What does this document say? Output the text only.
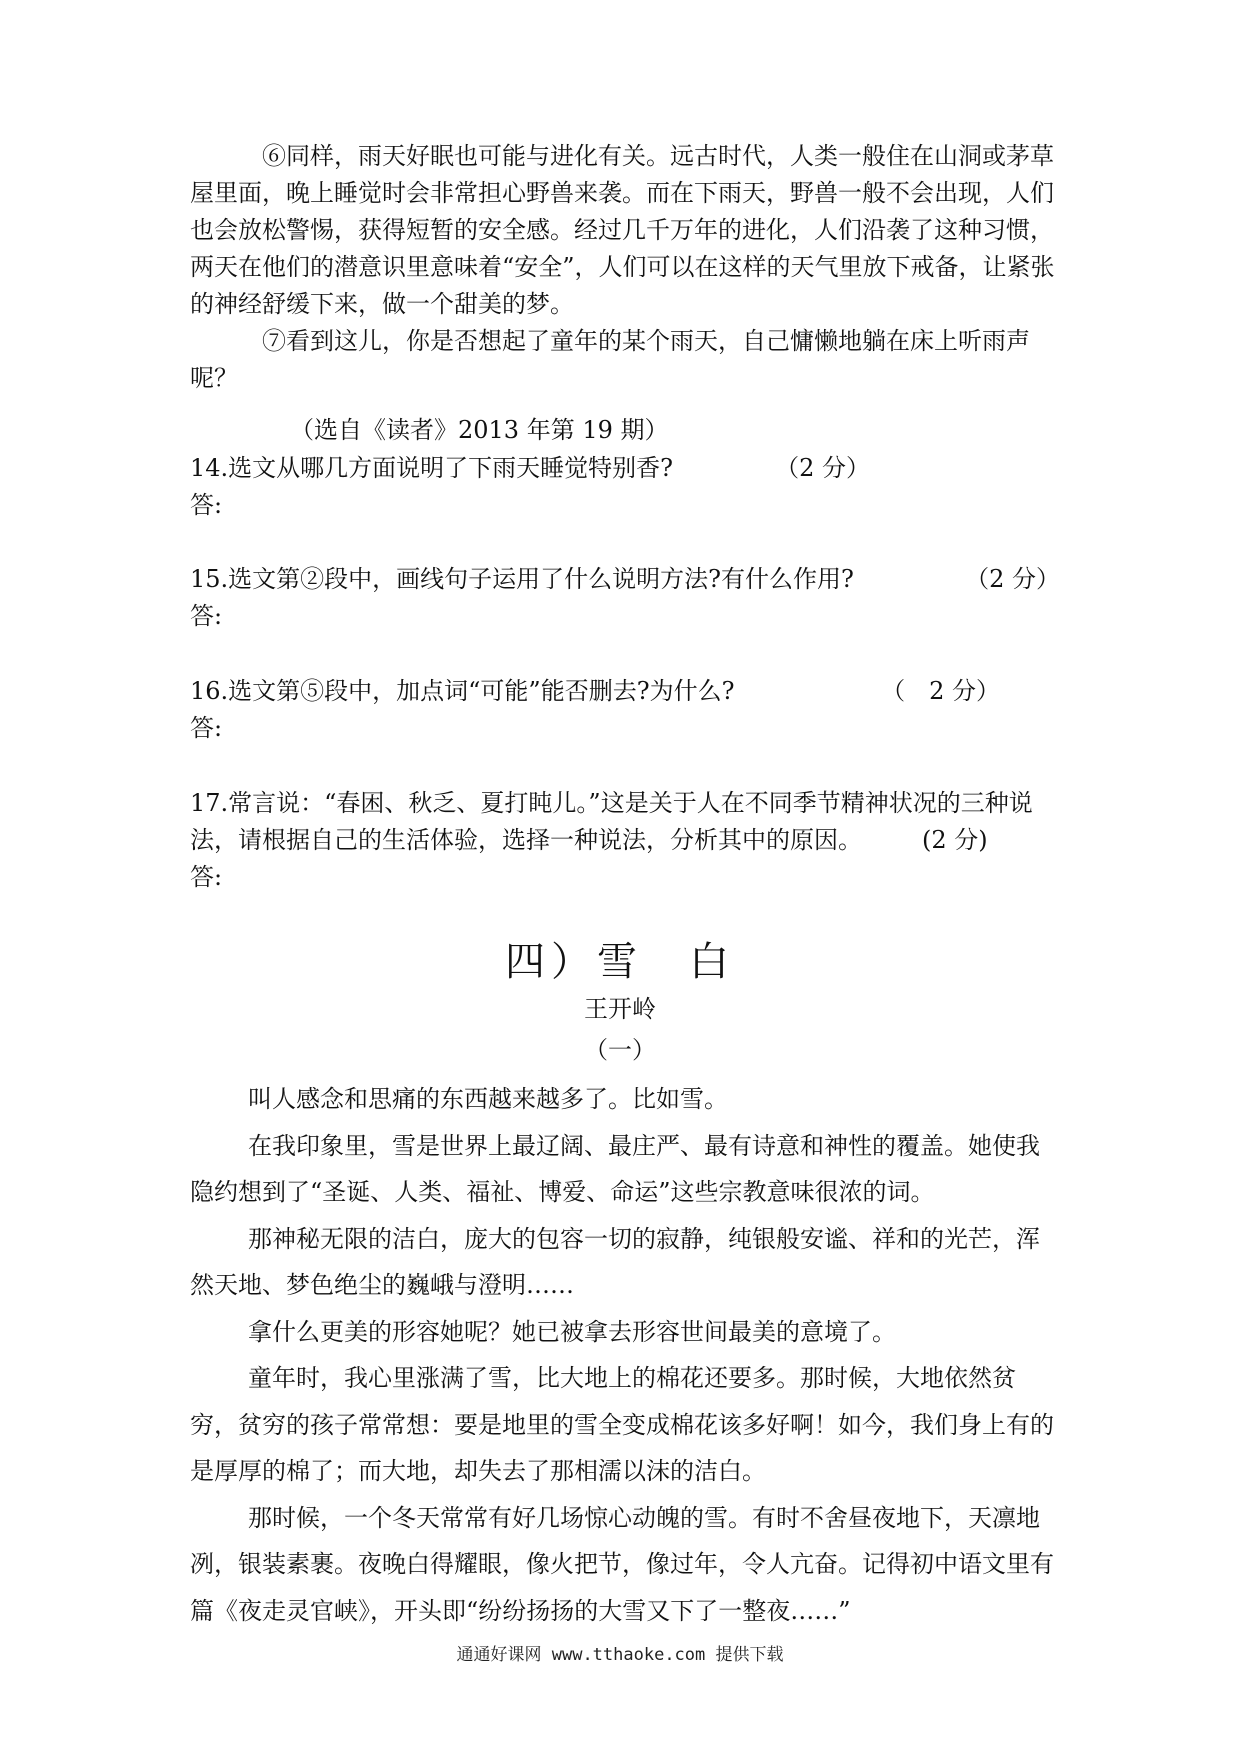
⑥同样，雨天好眠也可能与进化有关。远古时代，人类一般住在山洞或茅草屋里面，晚上睡觉时会非常担心野兽来袭。而在下雨天，野兽一般不会出现，人们也会放松警惕，获得短暂的安全感。经过几千万年的进化，人们沿袭了这种习惯，两天在他们的潜意识里意味着“安全”，人们可以在这样的天气里放下戒备，让紧张的神经舒缓下来，做一个甜美的梦。

⑦看到这儿，你是否想起了童年的某个雨天，自己慵懒地躺在床上听雨声呢？

（选自《读者》2013 年第 19 期）
14.选文从哪几方面说明了下雨天睡觉特别香?	（2 分）

答:

15.选文第②段中，画线句子运用了什么说明方法?有什么作用?	（2 分）

答:

16.选文第⑤段中，加点词“可能”能否删去?为什么?	（　2 分）

答:

17.常言说：“春困、秋乏、夏打盹儿。”这是关于人在不同季节精神状况的三种说法，请根据自己的生活体验，选择一种说法，分析其中的原因。　　　(2 分)

答:

四）雪　白
王开岭
（一）

叫人感念和思痛的东西越来越多了。比如雪。

在我印象里，雪是世界上最辽阔、最庄严、最有诗意和神性的覆盖。她使我隐约想到了“圣诞、人类、福祉、博爱、命运”这些宗教意味很浓的词。

那神秘无限的洁白，庞大的包容一切的寂静，纯银般安谧、祥和的光芒，浑然天地、梦色绝尘的巍峨与澄明……

拿什么更美的形容她呢？她已被拿去形容世间最美的意境了。

童年时，我心里涨满了雪，比大地上的棉花还要多。那时候，大地依然贫穷，贫穷的孩子常常想：要是地里的雪全变成棉花该多好啊！如今，我们身上有的是厚厚的棉了；而大地，却失去了那相濡以沫的洁白。

那时候，一个冬天常常有好几场惊心动魄的雪。有时不舍昼夜地下，天凛地冽，银装素裹。夜晚白得耀眼，像火把节，像过年，令人亢奋。记得初中语文里有篇《夜走灵官峡》，开头即“纷纷扬扬的大雪又下了一整夜……”

通通好课网 www.tthaoke.com 提供下载
